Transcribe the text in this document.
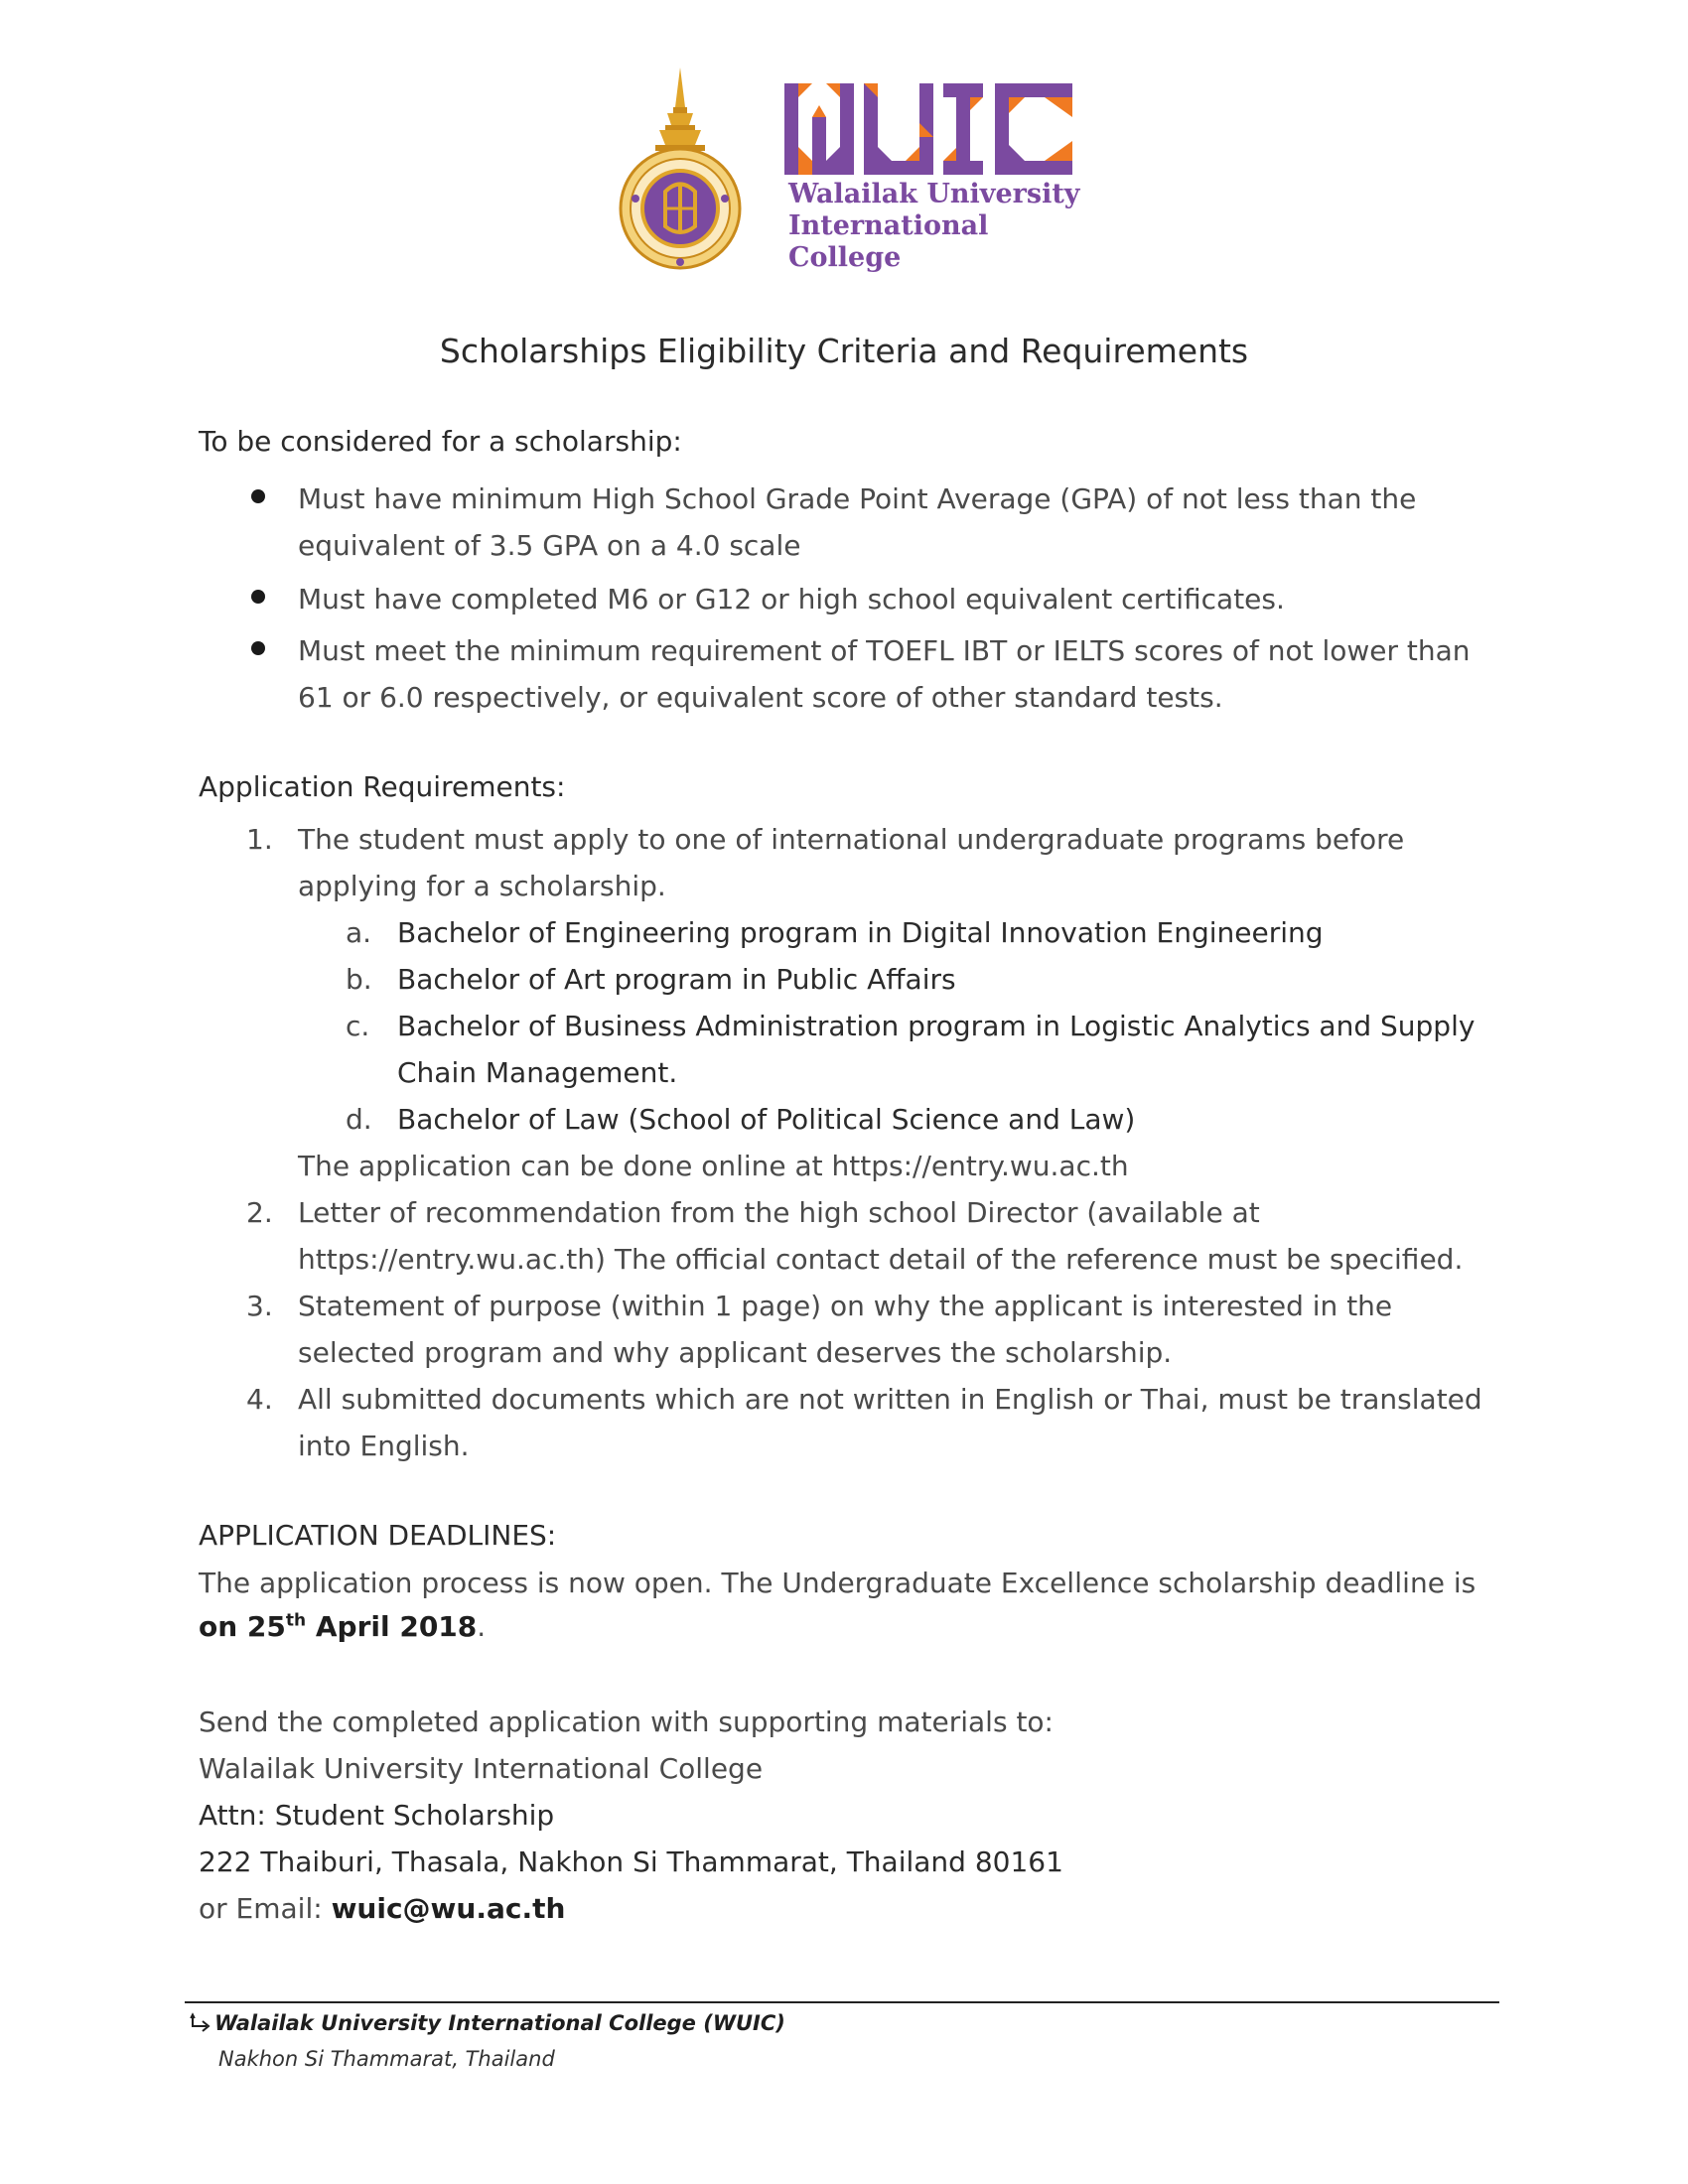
Walailak University
International
College
Scholarships Eligibility Criteria and Requirements
To be considered for a scholarship:
Must have minimum High School Grade Point Average (GPA) of not less than the equivalent of 3.5 GPA on a 4.0 scale
Must have completed M6 or G12 or high school equivalent certificates.
Must meet the minimum requirement of TOEFL IBT or IELTS scores of not lower than 61 or 6.0 respectively, or equivalent score of other standard tests.
Application Requirements:
1. The student must apply to one of international undergraduate programs before applying for a scholarship.
a. Bachelor of Engineering program in Digital Innovation Engineering
b. Bachelor of Art program in Public Affairs
c. Bachelor of Business Administration program in Logistic Analytics and Supply Chain Management.
d. Bachelor of Law (School of Political Science and Law)
The application can be done online at https://entry.wu.ac.th
2. Letter of recommendation from the high school Director (available at https://entry.wu.ac.th) The official contact detail of the reference must be specified.
3. Statement of purpose (within 1 page) on why the applicant is interested in the selected program and why applicant deserves the scholarship.
4. All submitted documents which are not written in English or Thai, must be translated into English.
APPLICATION DEADLINES:
The application process is now open. The Undergraduate Excellence scholarship deadline is
on 25th April 2018.
Send the completed application with supporting materials to:
Walailak University International College
Attn: Student Scholarship
222 Thaiburi, Thasala, Nakhon Si Thammarat, Thailand 80161
or Email: wuic@wu.ac.th
Walailak University International College (WUIC)
Nakhon Si Thammarat, Thailand
